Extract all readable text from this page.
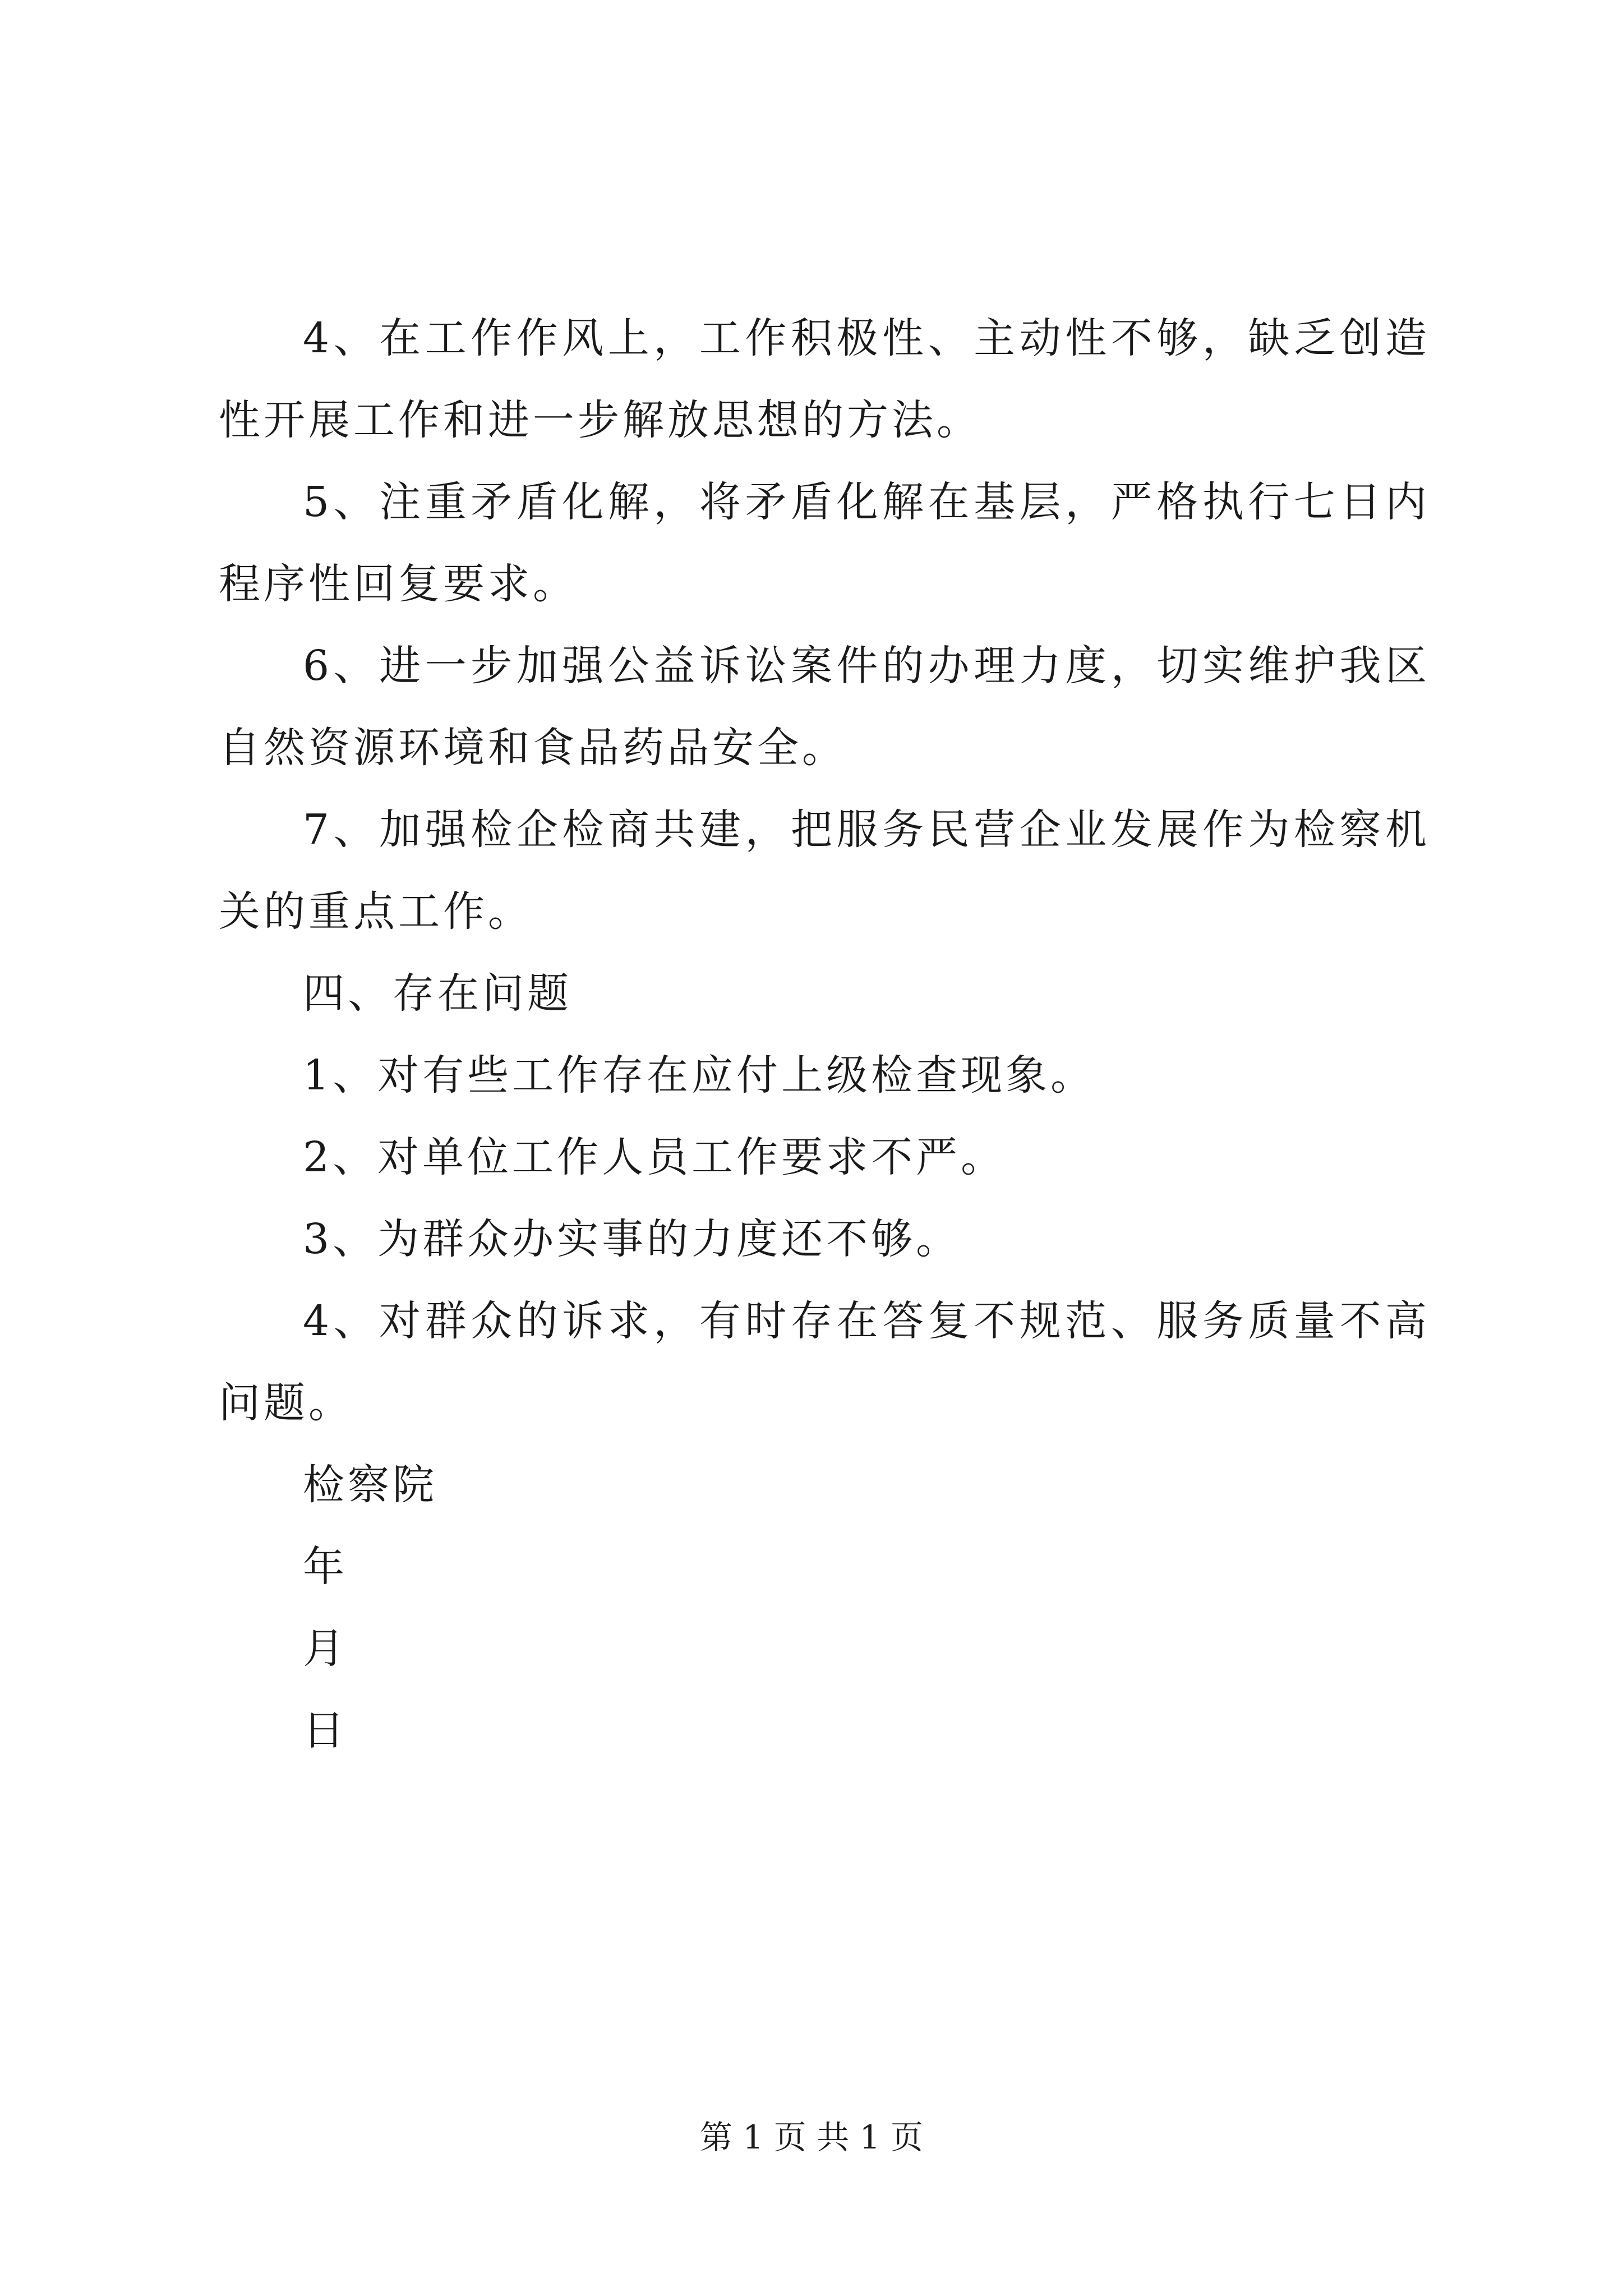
4、在工作作风上，工作积极性、主动性不够，缺乏创造性开展工作和进一步解放思想的方法。

5、注重矛盾化解，将矛盾化解在基层，严格执行七日内程序性回复要求。

6、进一步加强公益诉讼案件的办理力度，切实维护我区自然资源环境和食品药品安全。

7、加强检企检商共建，把服务民营企业发展作为检察机关的重点工作。

四、存在问题

1、对有些工作存在应付上级检查现象。

2、对单位工作人员工作要求不严。

3、为群众办实事的力度还不够。

4、对群众的诉求，有时存在答复不规范、服务质量不高问题。

检察院

年

月

日

第 1 页 共 1 页
